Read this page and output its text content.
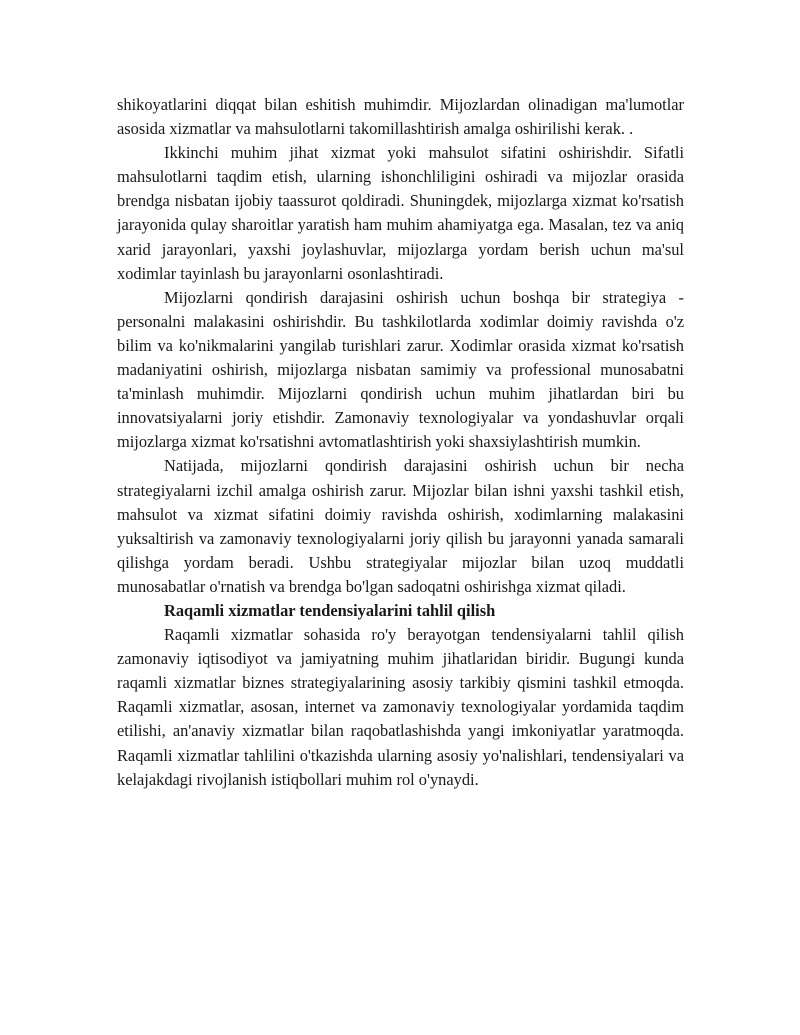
shikoyatlarini diqqat bilan eshitish muhimdir. Mijozlardan olinadigan ma'lumotlar asosida xizmatlar va mahsulotlarni takomillashtirish amalga oshirilishi kerak. .

Ikkinchi muhim jihat xizmat yoki mahsulot sifatini oshirishdir. Sifatli mahsulotlarni taqdim etish, ularning ishonchliligini oshiradi va mijozlar orasida brendga nisbatan ijobiy taassurot qoldiradi. Shuningdek, mijozlarga xizmat ko'rsatish jarayonida qulay sharoitlar yaratish ham muhim ahamiyatga ega. Masalan, tez va aniq xarid jarayonlari, yaxshi joylashuvlar, mijozlarga yordam berish uchun ma'sul xodimlar tayinlash bu jarayonlarni osonlashtiradi.

Mijozlarni qondirish darajasini oshirish uchun boshqa bir strategiya - personalni malakasini oshirishdir. Bu tashkilotlarda xodimlar doimiy ravishda o'z bilim va ko'nikmalarini yangilab turishlari zarur. Xodimlar orasida xizmat ko'rsatish madaniyatini oshirish, mijozlarga nisbatan samimiy va professional munosabatni ta'minlash muhimdir. Mijozlarni qondirish uchun muhim jihatlardan biri bu innovatsiyalarni joriy etishdir. Zamonaviy texnologiyalar va yondashuvlar orqali mijozlarga xizmat ko'rsatishni avtomatlashtirish yoki shaxsiylashtirish mumkin.

Natijada, mijozlarni qondirish darajasini oshirish uchun bir necha strategiyalarni izchil amalga oshirish zarur. Mijozlar bilan ishni yaxshi tashkil etish, mahsulot va xizmat sifatini doimiy ravishda oshirish, xodimlarning malakasini yuksaltirish va zamonaviy texnologiyalarni joriy qilish bu jarayonni yanada samarali qilishga yordam beradi. Ushbu strategiyalar mijozlar bilan uzoq muddatli munosabatlar o'rnatish va brendga bo'lgan sadoqatni oshirishga xizmat qiladi.

Raqamli xizmatlar tendensiyalarini tahlil qilish

Raqamli xizmatlar sohasida ro'y berayotgan tendensiyalarni tahlil qilish zamonaviy iqtisodiyot va jamiyatning muhim jihatlaridan biridir. Bugungi kunda raqamli xizmatlar biznes strategiyalarining asosiy tarkibiy qismini tashkil etmoqda. Raqamli xizmatlar, asosan, internet va zamonaviy texnologiyalar yordamida taqdim etilishi, an'anaviy xizmatlar bilan raqobatlashishda yangi imkoniyatlar yaratmoqda. Raqamli xizmatlar tahlilini o'tkazishda ularning asosiy yo'nalishlari, tendensiyalari va kelajakdagi rivojlanish istiqbollari muhim rol o'ynaydi.
